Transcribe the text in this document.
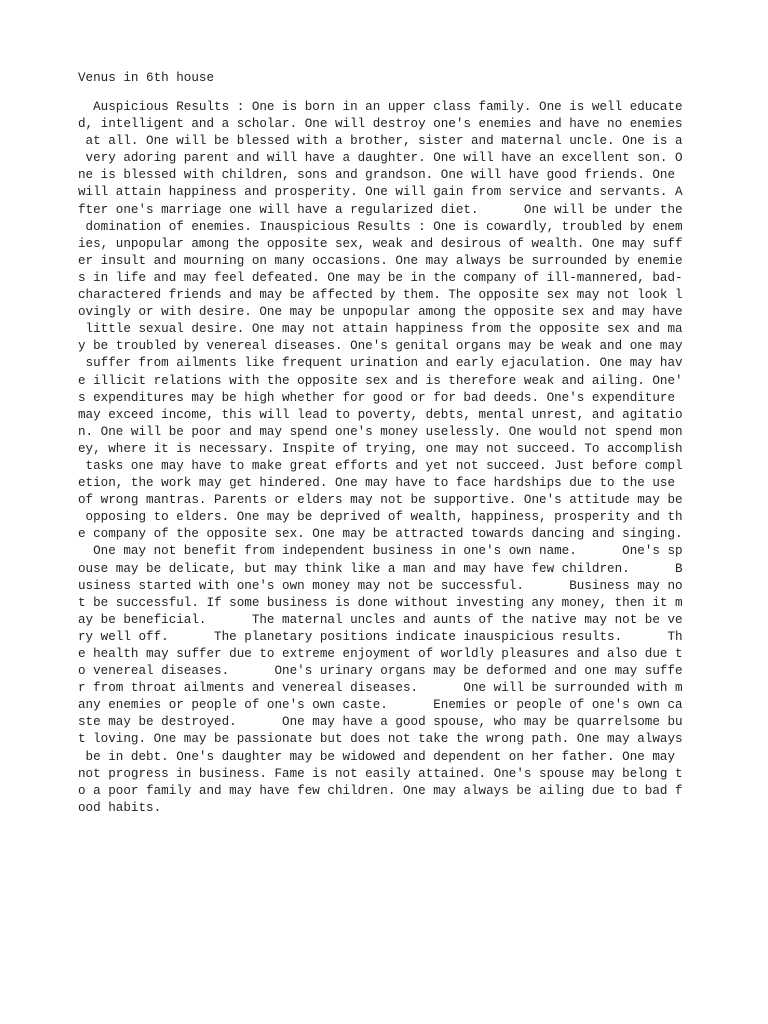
Venus in 6th house
Auspicious Results : One is born in an upper class family. One is well educate
d, intelligent and a scholar. One will destroy one's enemies and have no enemies
at all. One will be blessed with a brother, sister and maternal uncle. One is a
very adoring parent and will have a daughter. One will have an excellent son. O
ne is blessed with children, sons and grandson. One will have good friends. One
will attain happiness and prosperity. One will gain from service and servants. A
fter one's marriage one will have a regularized diet.      One will be under the
domination of enemies. Inauspicious Results : One is cowardly, troubled by enem
ies, unpopular among the opposite sex, weak and desirous of wealth. One may suff
er insult and mourning on many occasions. One may always be surrounded by enemie
s in life and may feel defeated. One may be in the company of ill-mannered, bad-
charactered friends and may be affected by them. The opposite sex may not look l
ovingly or with desire. One may be unpopular among the opposite sex and may have
little sexual desire. One may not attain happiness from the opposite sex and ma
y be troubled by venereal diseases. One's genital organs may be weak and one may
suffer from ailments like frequent urination and early ejaculation. One may hav
e illicit relations with the opposite sex and is therefore weak and ailing. One'
s expenditures may be high whether for good or for bad deeds. One's expenditure
may exceed income, this will lead to poverty, debts, mental unrest, and agitatio
n. One will be poor and may spend one's money uselessly. One would not spend mon
ey, where it is necessary. Inspite of trying, one may not succeed. To accomplish
tasks one may have to make great efforts and yet not succeed. Just before compl
etion, the work may get hindered. One may have to face hardships due to the use
of wrong mantras. Parents or elders may not be supportive. One's attitude may be
opposing to elders. One may be deprived of wealth, happiness, prosperity and th
e company of the opposite sex. One may be attracted towards dancing and singing.
One may not benefit from independent business in one's own name.      One's sp
ouse may be delicate, but may think like a man and may have few children.      B
usiness started with one's own money may not be successful.      Business may no
t be successful. If some business is done without investing any money, then it m
ay be beneficial.      The maternal uncles and aunts of the native may not be ve
ry well off.      The planetary positions indicate inauspicious results.      Th
e health may suffer due to extreme enjoyment of worldly pleasures and also due t
o venereal diseases.      One's urinary organs may be deformed and one may suffe
r from throat ailments and venereal diseases.      One will be surrounded with m
any enemies or people of one's own caste.      Enemies or people of one's own ca
ste may be destroyed.      One may have a good spouse, who may be quarrelsome bu
t loving. One may be passionate but does not take the wrong path. One may always
be in debt. One's daughter may be widowed and dependent on her father. One may
not progress in business. Fame is not easily attained. One's spouse may belong t
o a poor family and may have few children. One may always be ailing due to bad f
ood habits.
